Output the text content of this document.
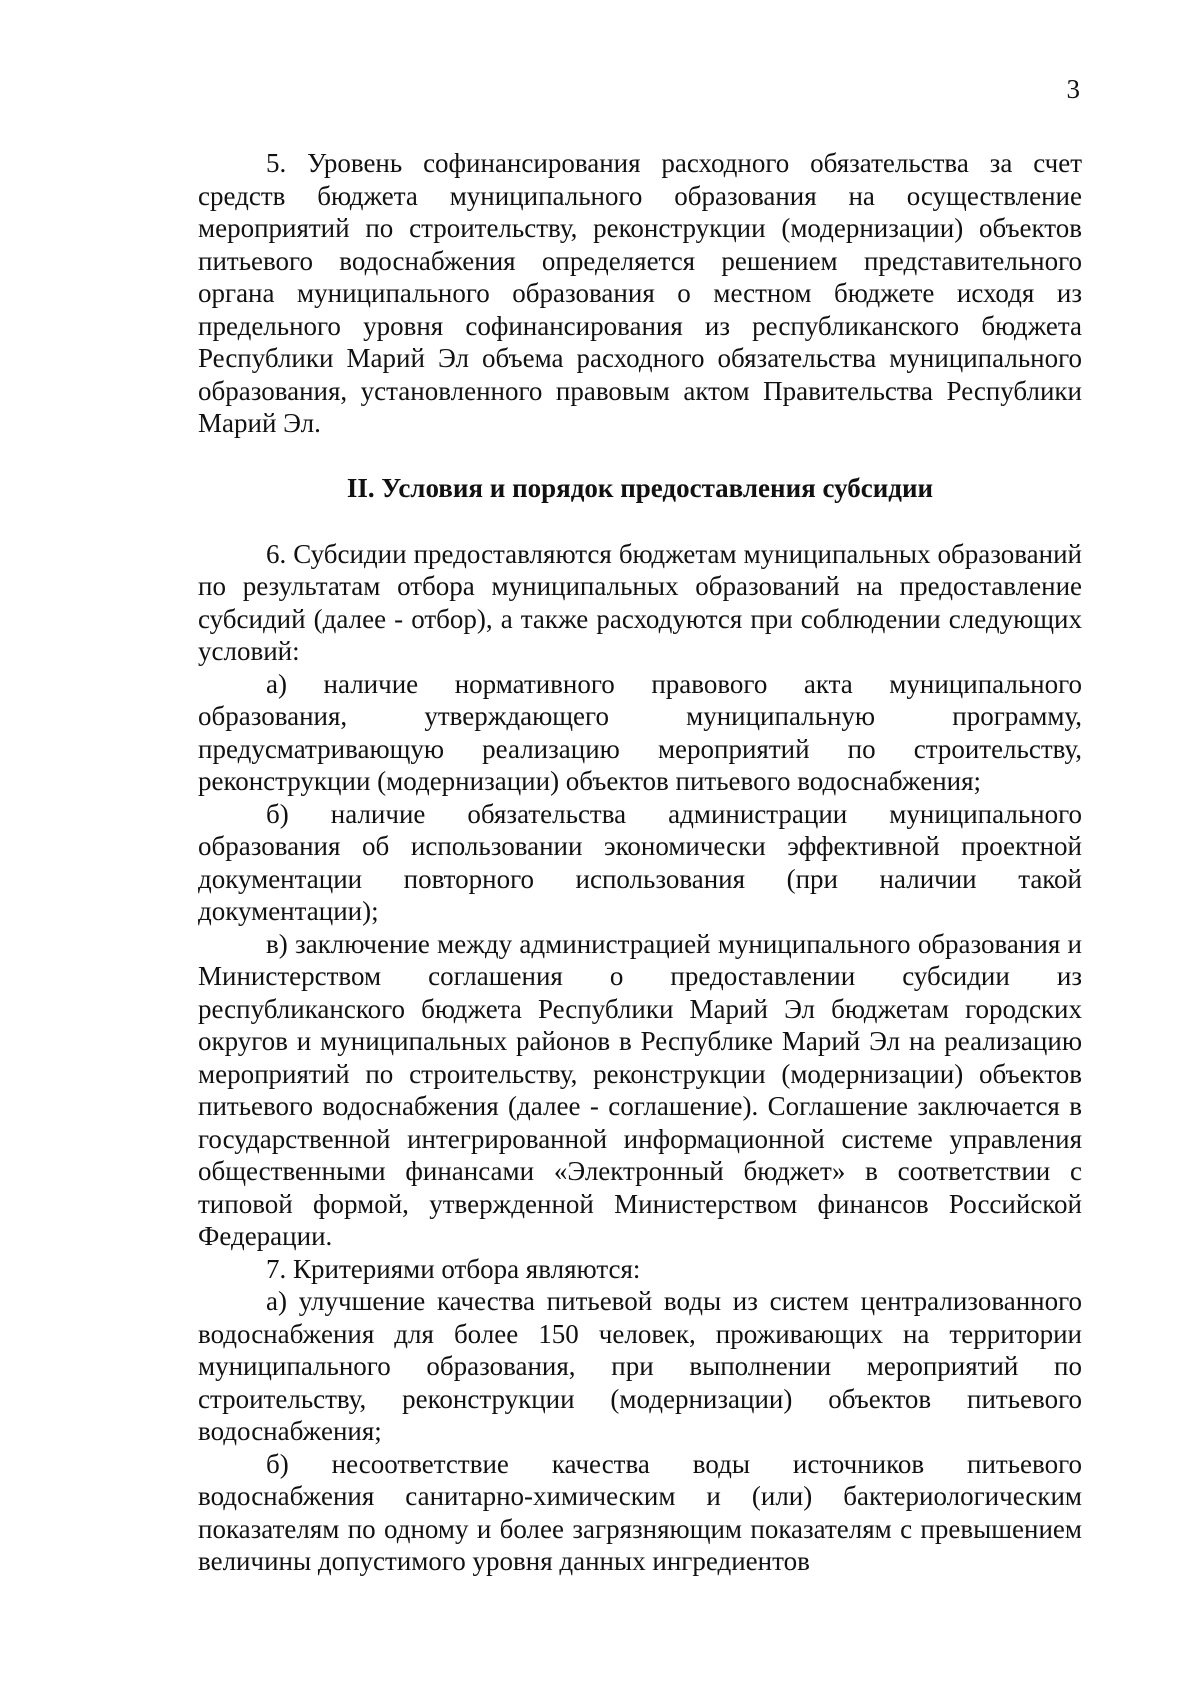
3

5. Уровень софинансирования расходного обязательства за счет средств бюджета муниципального образования на осуществление мероприятий по строительству, реконструкции (модернизации) объектов питьевого водоснабжения определяется решением представительного органа муниципального образования о местном бюджете исходя из предельного уровня софинансирования из республиканского бюджета Республики Марий Эл объема расходного обязательства муниципального образования, установленного правовым актом Правительства Республики Марий Эл.

II. Условия и порядок предоставления субсидии

6. Субсидии предоставляются бюджетам муниципальных образований по результатам отбора муниципальных образований на предоставление субсидий (далее - отбор), а также расходуются при соблюдении следующих условий:

а) наличие нормативного правового акта муниципального образования, утверждающего муниципальную программу, предусматривающую реализацию мероприятий по строительству, реконструкции (модернизации) объектов питьевого водоснабжения;

б) наличие обязательства администрации муниципального образования об использовании экономически эффективной проектной документации повторного использования (при наличии такой документации);

в) заключение между администрацией муниципального образования и Министерством соглашения о предоставлении субсидии из республиканского бюджета Республики Марий Эл бюджетам городских округов и муниципальных районов в Республике Марий Эл на реализацию мероприятий по строительству, реконструкции (модернизации) объектов питьевого водоснабжения (далее - соглашение). Соглашение заключается в государственной интегрированной информационной системе управления общественными финансами «Электронный бюджет» в соответствии с типовой формой, утвержденной Министерством финансов Российской Федерации.

7. Критериями отбора являются:

а) улучшение качества питьевой воды из систем централизованного водоснабжения для более 150 человек, проживающих на территории муниципального образования, при выполнении мероприятий по строительству, реконструкции (модернизации) объектов питьевого водоснабжения;

б) несоответствие качества воды источников питьевого водоснабжения санитарно-химическим и (или) бактериологическим показателям по одному и более загрязняющим показателям с превышением величины допустимого уровня данных ингредиентов
